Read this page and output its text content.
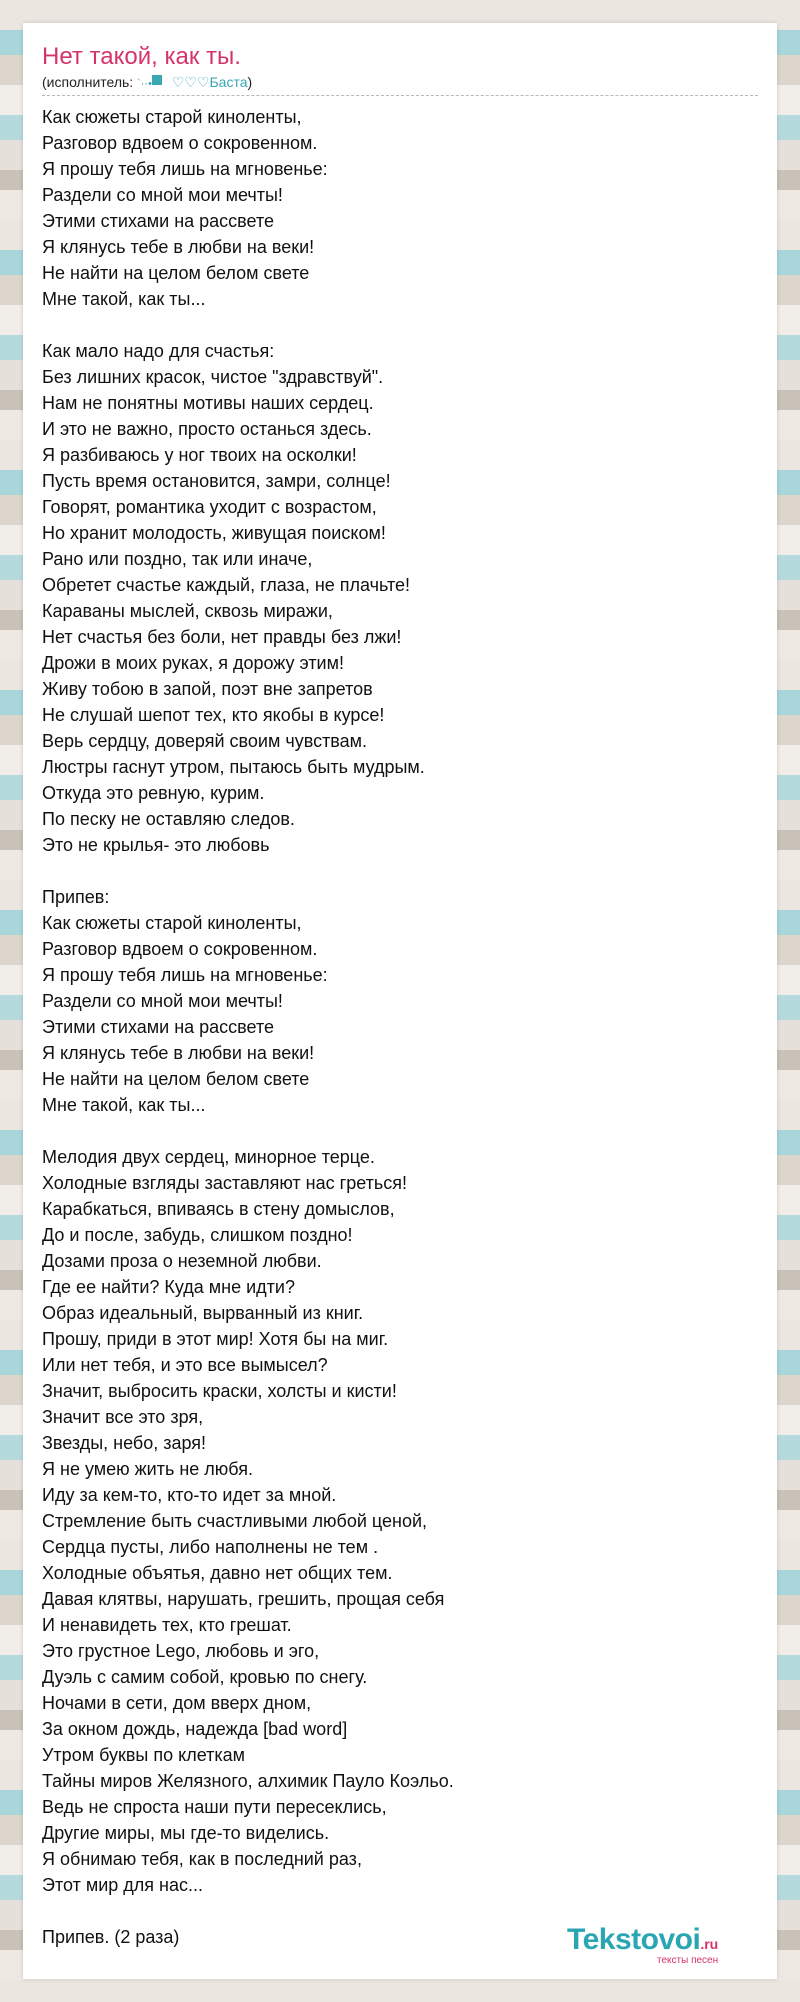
Нет такой, как ты.
(исполнитель: `··• ♡♡♡Баста)
Как сюжеты старой киноленты,
Разговор вдвоем о сокровенном.
Я прошу тебя лишь на мгновенье:
Раздели со мной мои мечты!
Этими стихами на рассвете
Я клянусь тебе в любви на веки!
Не найти на целом белом свете
Мне такой, как ты...
Как мало надо для счастья:
Без лишних красок, чистое "здравствуй".
Нам не понятны мотивы наших сердец.
И это не важно, просто останься здесь.
Я разбиваюсь у ног твоих на осколки!
Пусть время остановится, замри, солнце!
Говорят, романтика уходит с возрастом,
Но хранит молодость, живущая поиском!
Рано или поздно, так или иначе,
Обретет счастье каждый, глаза, не плачьте!
Караваны мыслей, сквозь миражи,
Нет счастья без боли, нет правды без лжи!
Дрожи в моих руках, я дорожу этим!
Живу тобою в запой, поэт вне запретов
Не слушай шепот тех, кто якобы в курсе!
Верь сердцу, доверяй своим чувствам.
Люстры гаснут утром, пытаюсь быть мудрым.
Откуда это ревную, курим.
По песку не оставляю следов.
Это не крылья- это любовь
Припев:
Как сюжеты старой киноленты,
Разговор вдвоем о сокровенном.
Я прошу тебя лишь на мгновенье:
Раздели со мной мои мечты!
Этими стихами на рассвете
Я клянусь тебе в любви на веки!
Не найти на целом белом свете
Мне такой, как ты...
Мелодия двух сердец, минорное терце.
Холодные взгляды заставляют нас греться!
Карабкаться, впиваясь в стену домыслов,
До и после, забудь, слишком поздно!
Дозами проза о неземной любви.
Где ее найти? Куда мне идти?
Образ идеальный, вырванный из книг.
Прошу, приди в этот мир! Хотя бы на миг.
Или нет тебя, и это все вымысел?
Значит, выбросить краски, холсты и кисти!
Значит все это зря,
Звезды, небо, заря!
Я не умею жить не любя.
Иду за кем-то, кто-то идет за мной.
Стремление быть счастливыми любой ценой,
Сердца пусты, либо наполнены не тем .
Холодные объятья, давно нет общих тем.
Давая клятвы, нарушать, грешить, прощая себя
И ненавидеть тех, кто грешат.
Это грустное Lego, любовь и эго,
Дуэль с самим собой, кровью по снегу.
Ночами в сети, дом вверх дном,
За окном дождь, надежда [bad word]
Утром буквы по клеткам
Тайны миров Желязного, алхимик Пауло Коэльо.
Ведь не спроста наши пути пересеклись,
Другие миры, мы где-то виделись.
Я обнимаю тебя, как в последний раз,
Этот мир для нас...
Припев. (2 раза)	Tekstovoi.ru
тексты песен
